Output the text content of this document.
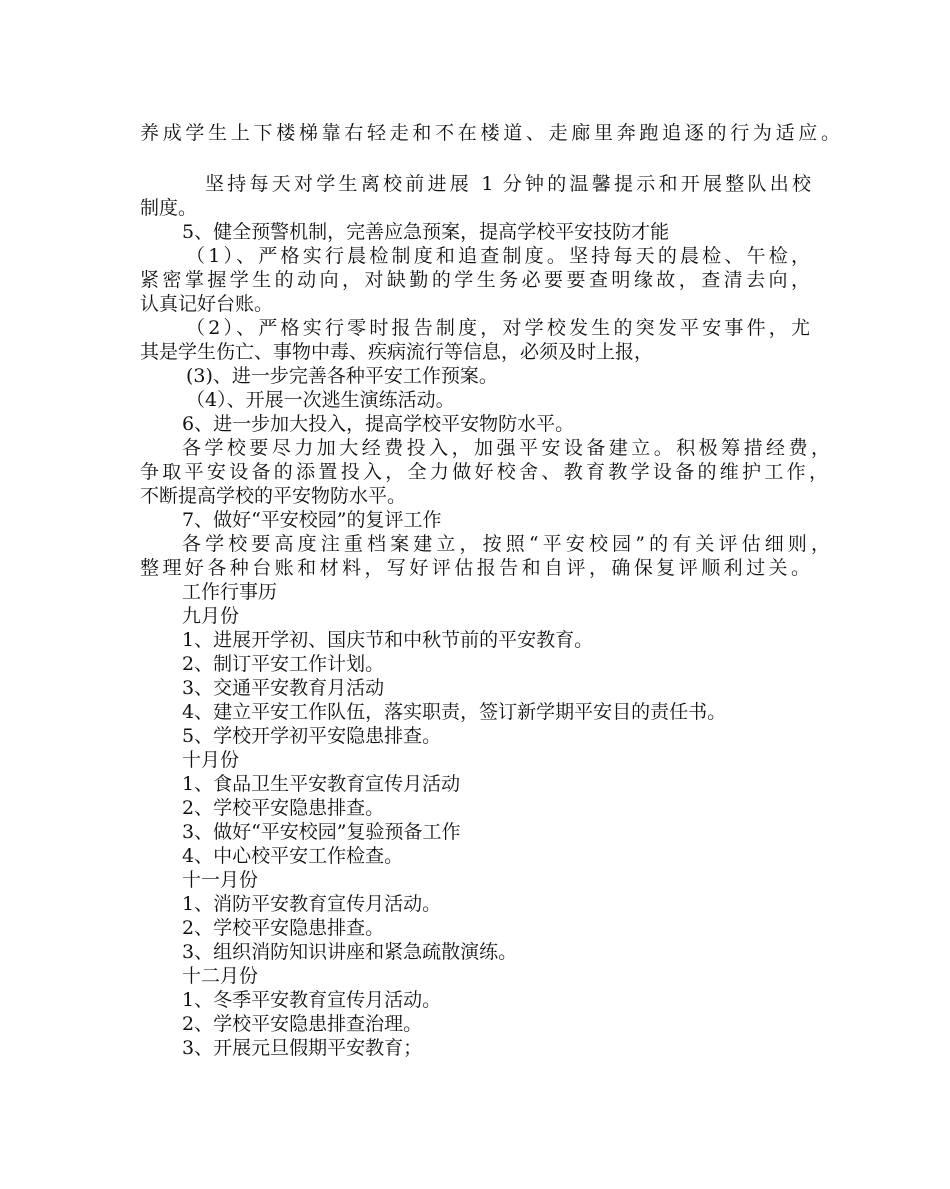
养成学生上下楼梯靠右轻走和不在楼道、走廊里奔跑追逐的行为适应。
坚持每天对学生离校前进展 1 分钟的温馨提示和开展整队出校
制度。
5、健全预警机制，完善应急预案，提高学校平安技防才能
（1）、严格实行晨检制度和追查制度。坚持每天的晨检、午检，
紧密掌握学生的动向，对缺勤的学生务必要要查明缘故，查清去向，
认真记好台账。
（2）、严格实行零时报告制度，对学校发生的突发平安事件，尤
其是学生伤亡、事物中毒、疾病流行等信息，必须及时上报，
(3)、进一步完善各种平安工作预案。
（4）、开展一次逃生演练活动。
6、进一步加大投入，提高学校平安物防水平。
各学校要尽力加大经费投入，加强平安设备建立。积极筹措经费，
争取平安设备的添置投入，全力做好校舍、教育教学设备的维护工作，
不断提高学校的平安物防水平。
7、做好“平安校园”的复评工作
各学校要高度注重档案建立，按照“平安校园”的有关评估细则，
整理好各种台账和材料，写好评估报告和自评，确保复评顺利过关。
工作行事历
九月份
1、进展开学初、国庆节和中秋节前的平安教育。
2、制订平安工作计划。
3、交通平安教育月活动
4、建立平安工作队伍，落实职责，签订新学期平安目的责任书。
5、学校开学初平安隐患排查。
十月份
1、食品卫生平安教育宣传月活动
2、学校平安隐患排查。
3、做好“平安校园”复验预备工作
4、中心校平安工作检查。
十一月份
1、消防平安教育宣传月活动。
2、学校平安隐患排查。
3、组织消防知识讲座和紧急疏散演练。
十二月份
1、冬季平安教育宣传月活动。
2、学校平安隐患排查治理。
3、开展元旦假期平安教育；
